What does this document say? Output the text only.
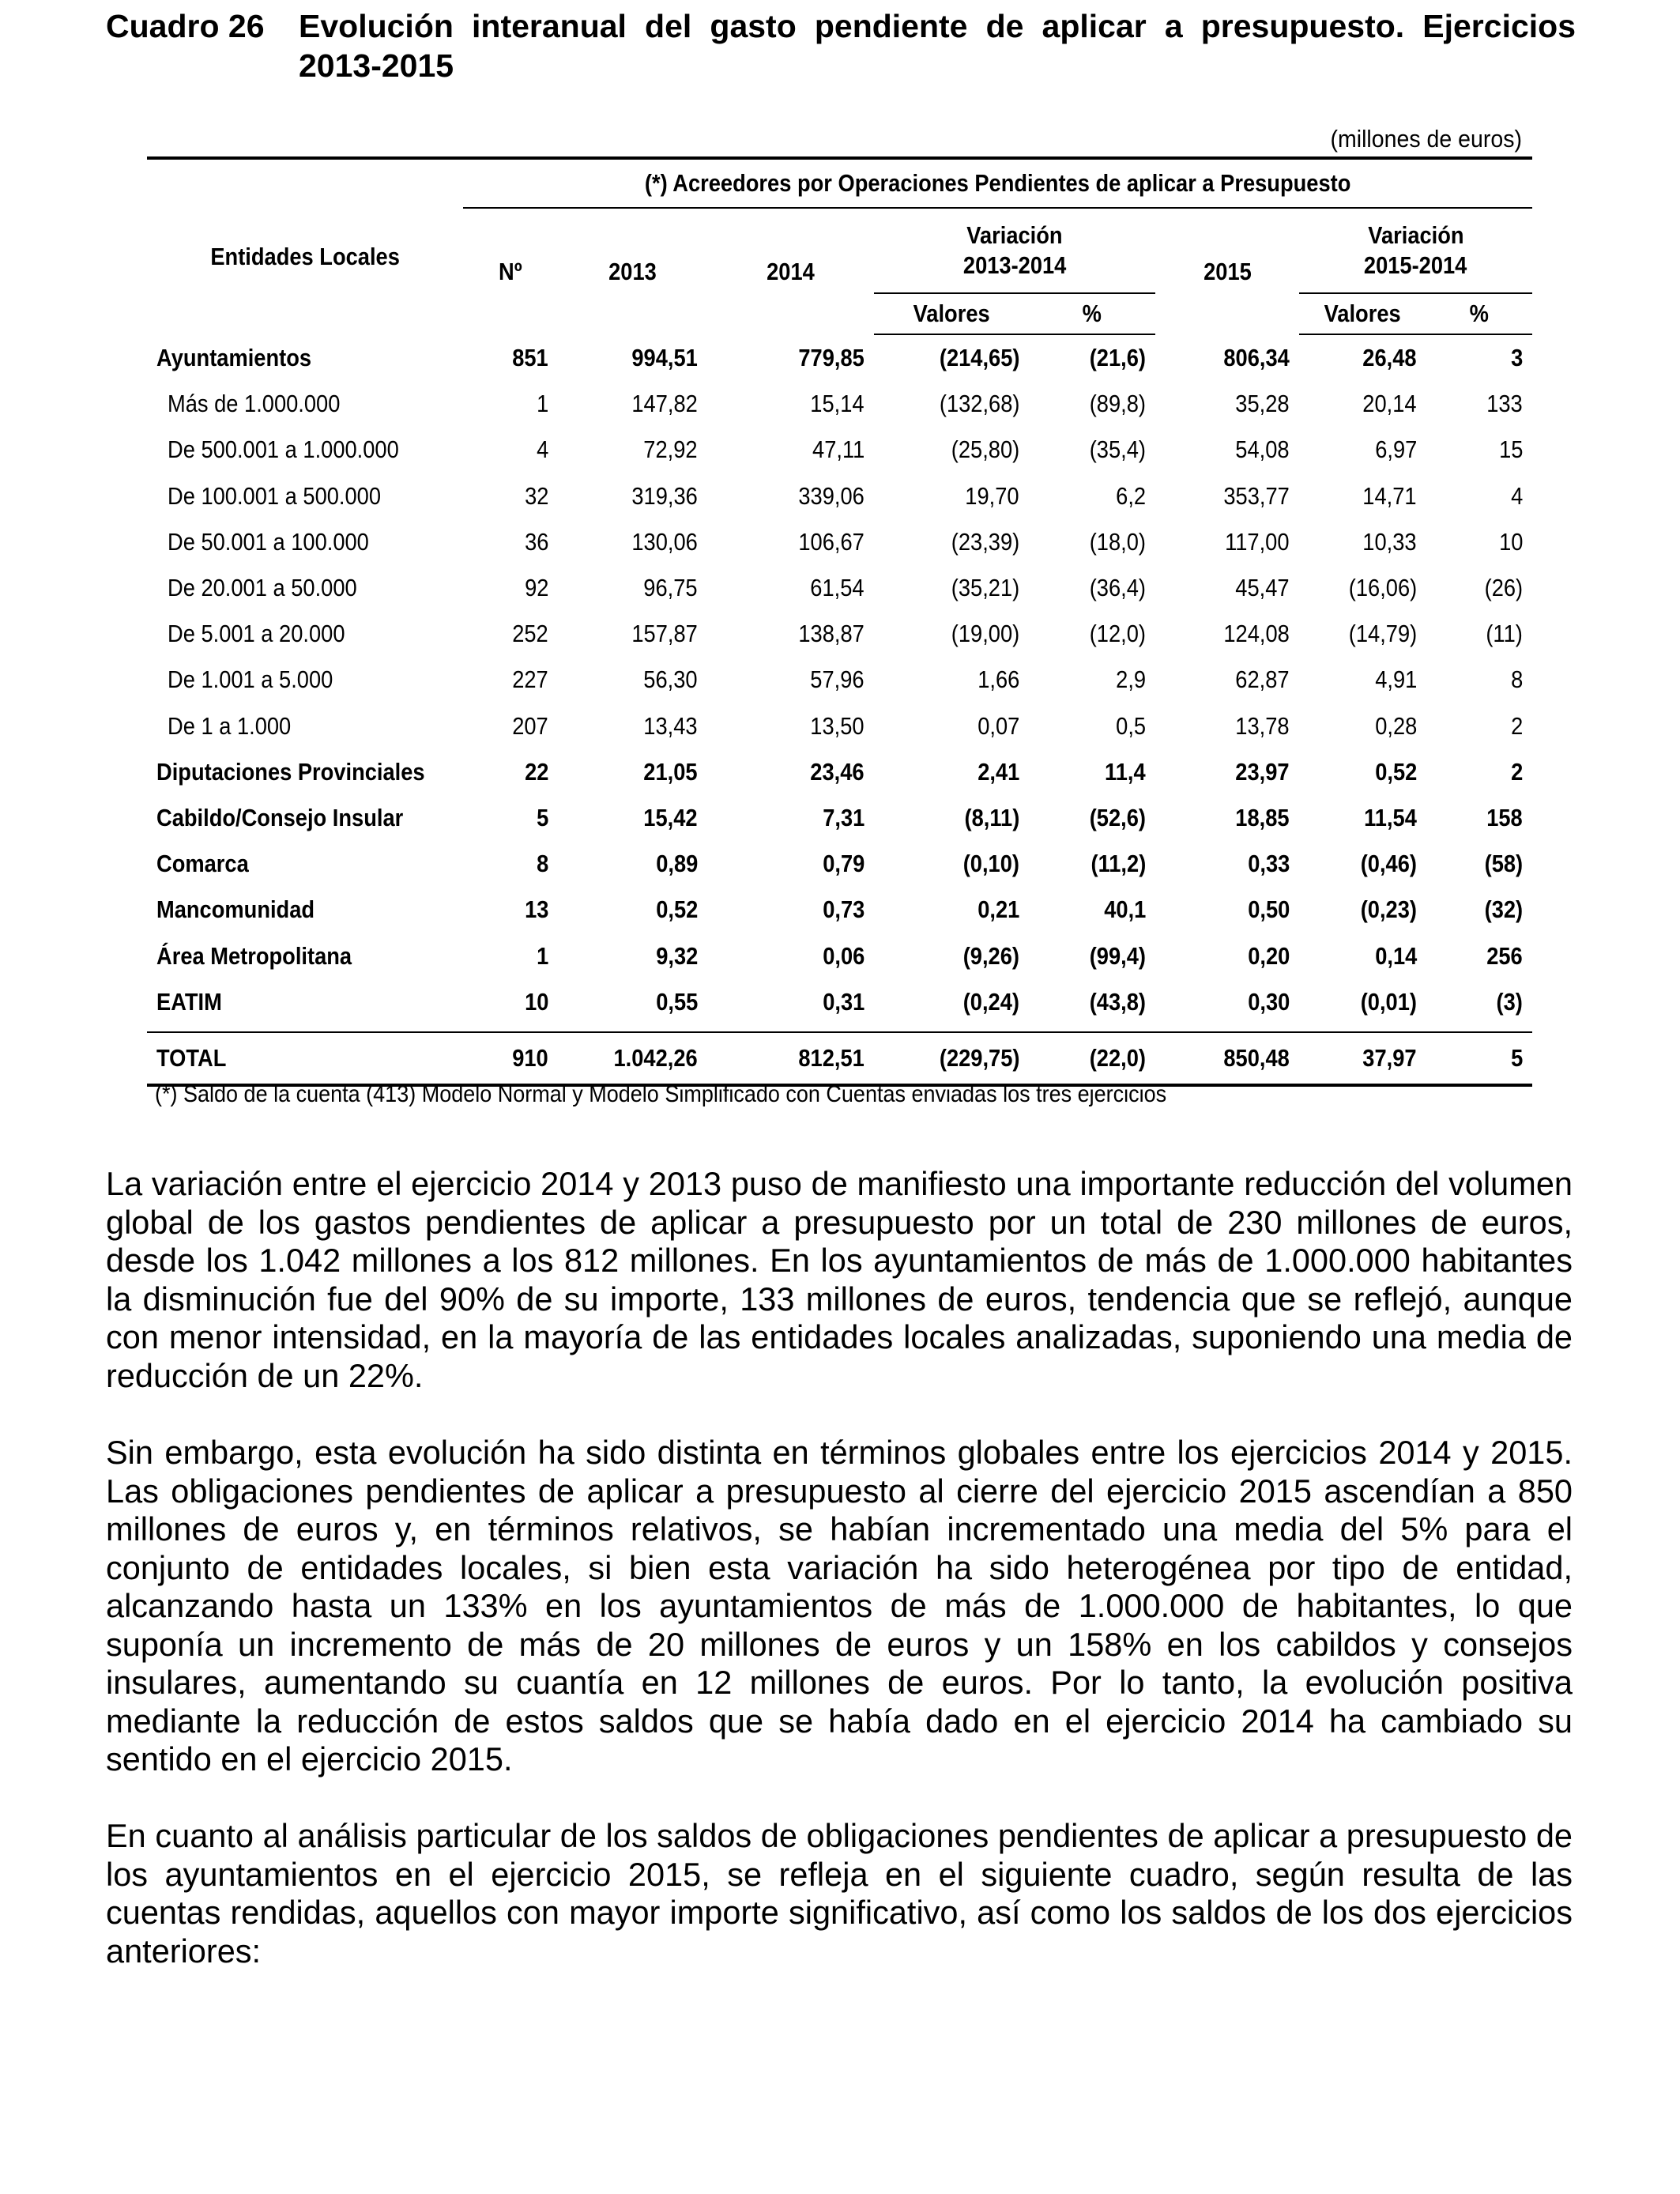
Cuadro 26	Evolución interanual del gasto pendiente de aplicar a presupuesto. Ejercicios 2013-2015
(millones de euros)
Entidades Locales	(*) Acreedores por Operaciones Pendientes de aplicar a Presupuesto							
	Nº	2013	2014	Variación
2013-2014		2015	Variación
2015-2014	
				Valores	%		Valores	%
Ayuntamientos	851	994,51	779,85	(214,65)	(21,6)	806,34	26,48	3
Más de 1.000.000	1	147,82	15,14	(132,68)	(89,8)	35,28	20,14	133
De 500.001 a 1.000.000	4	72,92	47,11	(25,80)	(35,4)	54,08	6,97	15
De 100.001 a 500.000	32	319,36	339,06	19,70	6,2	353,77	14,71	4
De 50.001 a 100.000	36	130,06	106,67	(23,39)	(18,0)	117,00	10,33	10
De 20.001 a 50.000	92	96,75	61,54	(35,21)	(36,4)	45,47	(16,06)	(26)
De 5.001 a 20.000	252	157,87	138,87	(19,00)	(12,0)	124,08	(14,79)	(11)
De 1.001 a 5.000	227	56,30	57,96	1,66	2,9	62,87	4,91	8
De 1 a 1.000	207	13,43	13,50	0,07	0,5	13,78	0,28	2
Diputaciones Provinciales	22	21,05	23,46	2,41	11,4	23,97	0,52	2
Cabildo/Consejo Insular	5	15,42	7,31	(8,11)	(52,6)	18,85	11,54	158
Comarca	8	0,89	0,79	(0,10)	(11,2)	0,33	(0,46)	(58)
Mancomunidad	13	0,52	0,73	0,21	40,1	0,50	(0,23)	(32)
Área Metropolitana	1	9,32	0,06	(9,26)	(99,4)	0,20	0,14	256
EATIM	10	0,55	0,31	(0,24)	(43,8)	0,30	(0,01)	(3)

TOTAL	910	1.042,26	812,51	(229,75)	(22,0)	850,48	37,97	5
(*) Saldo de la cuenta (413) Modelo Normal y Modelo Simplificado con Cuentas enviadas los tres ejercicios

La variación entre el ejercicio 2014 y 2013 puso de manifiesto una importante reducción del volumen global de los gastos pendientes de aplicar a presupuesto por un total de 230 millones de euros, desde los 1.042 millones a los 812 millones. En los ayuntamientos de más de 1.000.000 habitantes la disminución fue del 90% de su importe, 133 millones de euros, tendencia que se reflejó, aunque con menor intensidad, en la mayoría de las entidades locales analizadas, suponiendo una media de reducción de un 22%.

Sin embargo, esta evolución ha sido distinta en términos globales entre los ejercicios 2014 y 2015. Las obligaciones pendientes de aplicar a presupuesto al cierre del ejercicio 2015 ascendían a 850 millones de euros y, en términos relativos, se habían incrementado una media del 5% para el conjunto de entidades locales, si bien esta variación ha sido heterogénea por tipo de entidad, alcanzando hasta un 133% en los ayuntamientos de más de 1.000.000 de habitantes, lo que suponía un incremento de más de 20 millones de euros y un 158% en los cabildos y consejos insulares, aumentando su cuantía en 12 millones de euros. Por lo tanto, la evolución positiva mediante la reducción de estos saldos que se había dado en el ejercicio 2014 ha cambiado su sentido en el ejercicio 2015.

En cuanto al análisis particular de los saldos de obligaciones pendientes de aplicar a presupuesto de los ayuntamientos en el ejercicio 2015, se refleja en el siguiente cuadro, según resulta de las cuentas rendidas, aquellos con mayor importe significativo, así como los saldos de los dos ejercicios anteriores:
